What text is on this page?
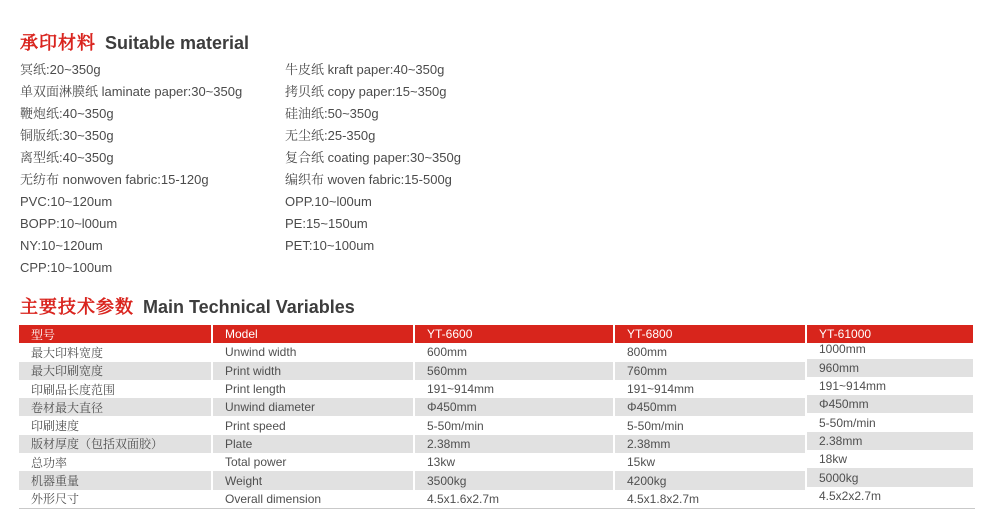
承印材料 Suitable material
冥纸:20~350g
单双面淋膜纸 laminate paper:30~350g
鞭炮纸:40~350g
铜版纸:30~350g
离型纸:40~350g
无纺布 nonwoven fabric:15-120g
PVC:10~120um
BOPP:10~l00um
NY:10~120um
CPP:10~100um
牛皮纸 kraft paper:40~350g
拷贝纸 copy paper:15~350g
硅油纸:50~350g
无尘纸:25-350g
复合纸 coating paper:30~350g
编织布 woven fabric:15-500g
OPP.10~l00um
PE:15~150um
PET:10~100um
主要技术参数 Main Technical Variables
型号	Model	YT-6600	YT-6800	YT-61000
最大印料宽度	Unwind width	600mm	800mm	1000mm
最大印刷宽度	Print width	560mm	760mm	960mm
印刷品长度范围	Print length	191~914mm	191~914mm	191~914mm
卷材最大直径	Unwind diameter	Φ450mm	Φ450mm	Φ450mm
印刷速度	Print speed	5-50m/min	5-50m/min	5-50m/min
版材厚度（包括双面胶）	Plate	2.38mm	2.38mm	2.38mm
总功率	Total power	13kw	15kw	18kw
机器重量	Weight	3500kg	4200kg	5000kg
外形尺寸	Overall dimension	4.5x1.6x2.7m	4.5x1.8x2.7m	4.5x2x2.7m
